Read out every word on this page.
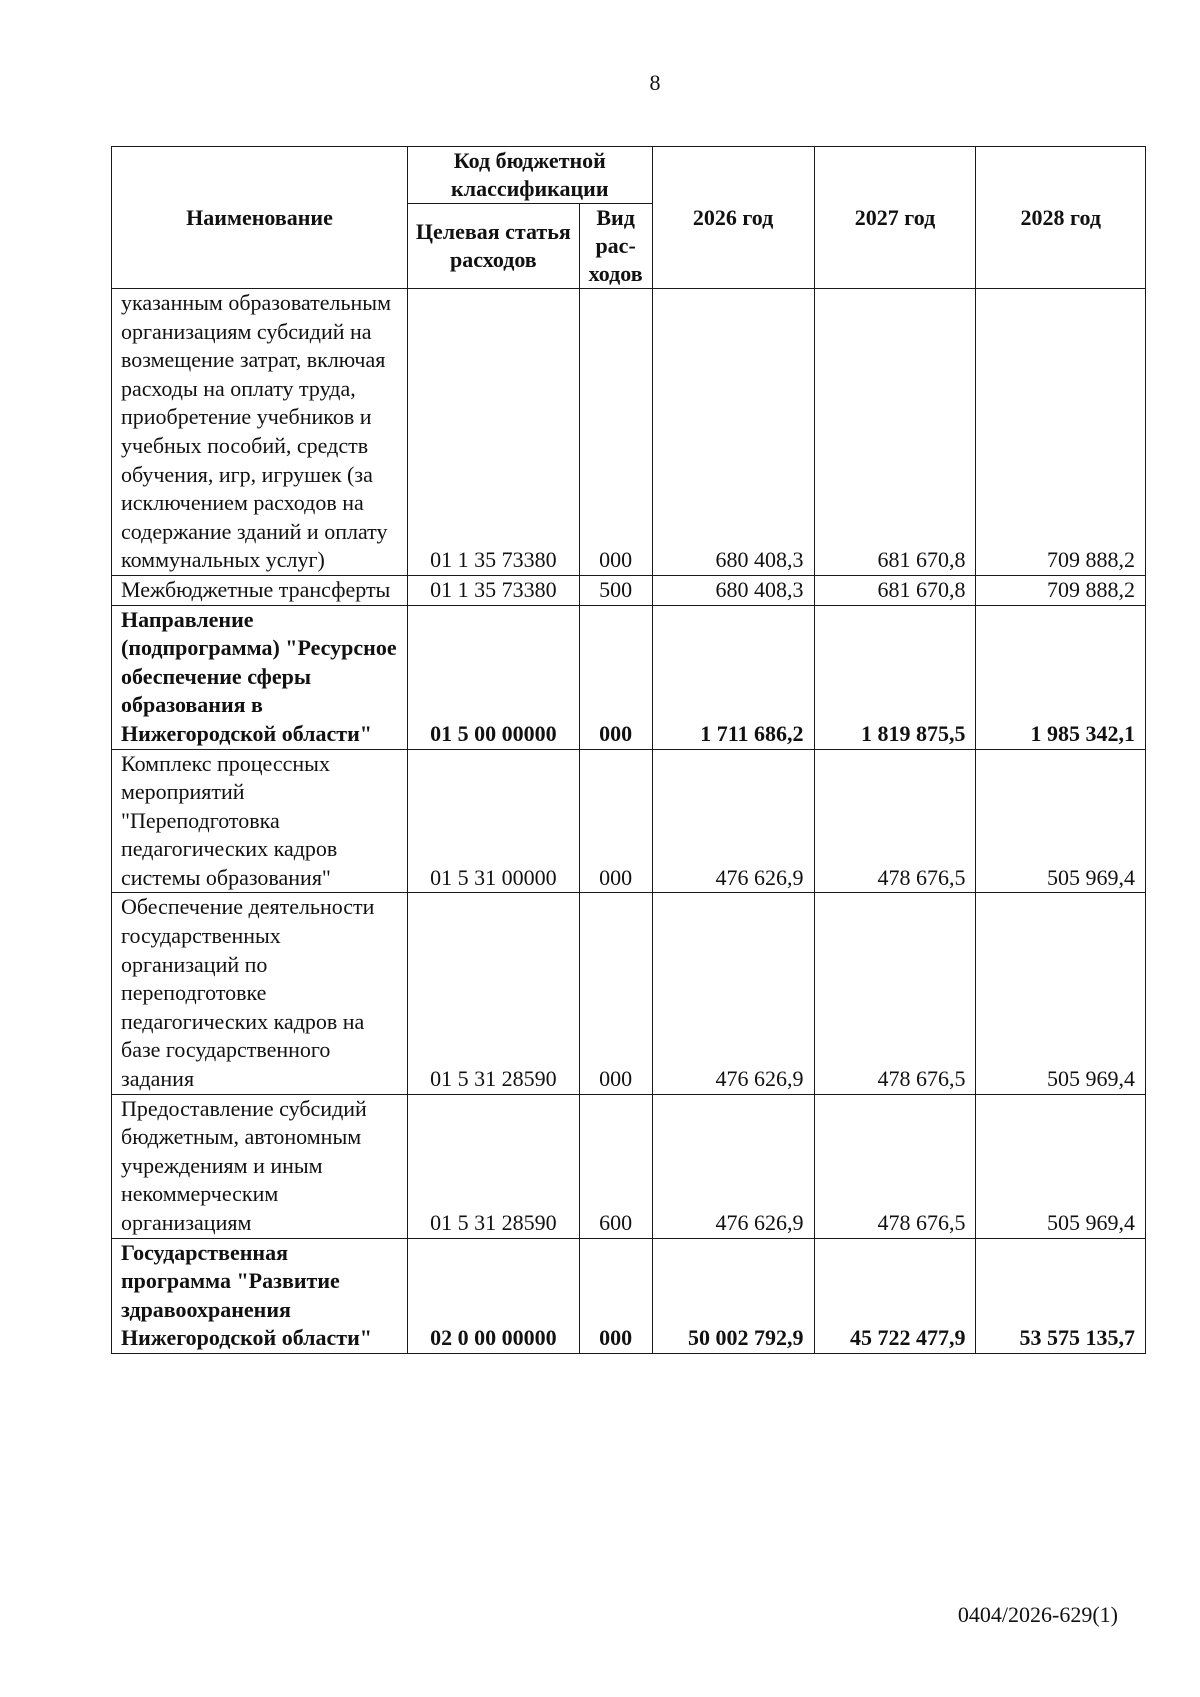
8
Наименование	Код бюджетной классификации		2026 год	2027 год	2028 год
	Целевая статья расходов	Вид рас-ходов			
указанным образовательным организациям субсидий на возмещение затрат, включая расходы на оплату труда, приобретение учебников и учебных пособий, средств обучения, игр, игрушек (за исключением расходов на содержание зданий и оплату коммунальных услуг)	01 1 35 73380	000	680 408,3	681 670,8	709 888,2
Межбюджетные трансферты	01 1 35 73380	500	680 408,3	681 670,8	709 888,2
Направление (подпрограмма) "Ресурсное обеспечение сферы образования в Нижегородской области"	01 5 00 00000	000	1 711 686,2	1 819 875,5	1 985 342,1
Комплекс процессных мероприятий "Переподготовка педагогических кадров системы образования"	01 5 31 00000	000	476 626,9	478 676,5	505 969,4
Обеспечение деятельности государственных организаций по переподготовке педагогических кадров на базе государственного задания	01 5 31 28590	000	476 626,9	478 676,5	505 969,4
Предоставление субсидий бюджетным, автономным учреждениям и иным некоммерческим организациям	01 5 31 28590	600	476 626,9	478 676,5	505 969,4
Государственная программа "Развитие здравоохранения Нижегородской области"	02 0 00 00000	000	50 002 792,9	45 722 477,9	53 575 135,7
0404/2026-629(1)
